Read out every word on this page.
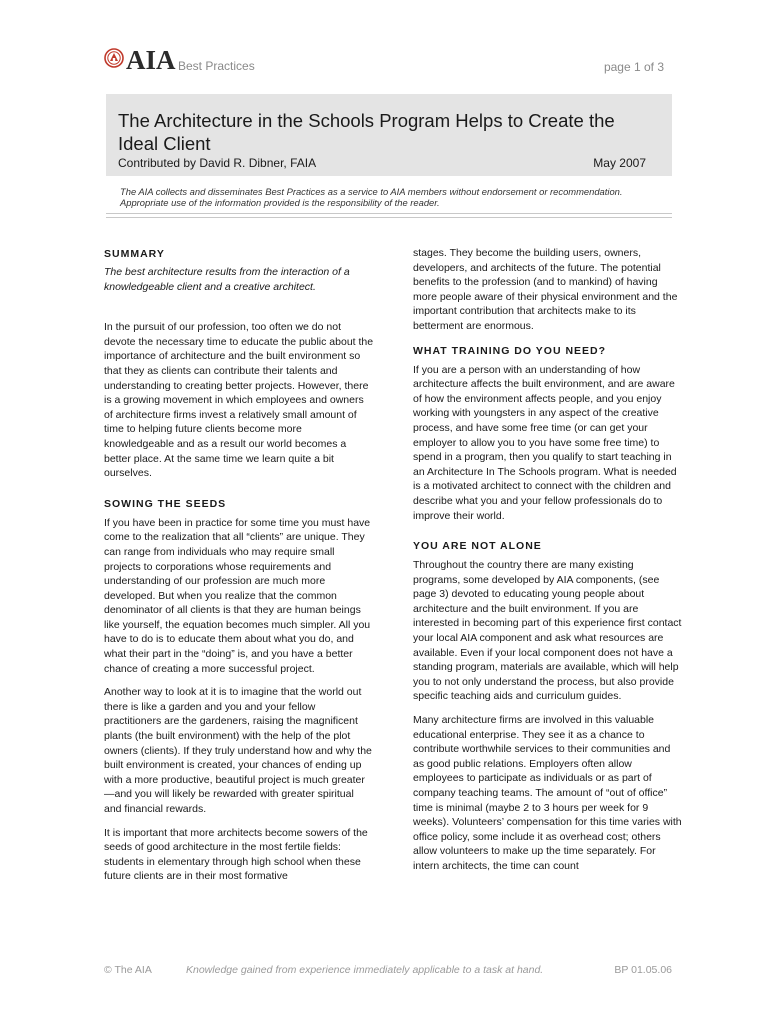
AIA Best Practices	page 1 of 3
The Architecture in the Schools Program Helps to Create the Ideal Client
Contributed by David R. Dibner, FAIA	May 2007
The AIA collects and disseminates Best Practices as a service to AIA members without endorsement or recommendation. Appropriate use of the information provided is the responsibility of the reader.
SUMMARY

The best architecture results from the interaction of a knowledgeable client and a creative architect.

In the pursuit of our profession, too often we do not devote the necessary time to educate the public about the importance of architecture and the built environment so that they as clients can contribute their talents and understanding to creating better projects. However, there is a growing movement in which employees and owners of architecture firms invest a relatively small amount of time to helping future clients become more knowledgeable and as a result our world becomes a better place. At the same time we learn quite a bit ourselves.

SOWING THE SEEDS

If you have been in practice for some time you must have come to the realization that all “clients” are unique. They can range from individuals who may require small projects to corporations whose requirements and understanding of our profession are much more developed. But when you realize that the common denominator of all clients is that they are human beings like yourself, the equation becomes much simpler. All you have to do is to educate them about what you do, and what their part in the “doing” is, and you have a better chance of creating a more successful project.

Another way to look at it is to imagine that the world out there is like a garden and you and your fellow practitioners are the gardeners, raising the magnificent plants (the built environment) with the help of the plot owners (clients). If they truly understand how and why the built environment is created, your chances of ending up with a more productive, beautiful project is much greater—and you will likely be rewarded with greater spiritual and financial rewards.

It is important that more architects become sowers of the seeds of good architecture in the most fertile fields: students in elementary through high school when these future clients are in their most formative

stages. They become the building users, owners, developers, and architects of the future. The potential benefits to the profession (and to mankind) of having more people aware of their physical environment and the important contribution that architects make to its betterment are enormous.

WHAT TRAINING DO YOU NEED?

If you are a person with an understanding of how architecture affects the built environment, and are aware of how the environment affects people, and you enjoy working with youngsters in any aspect of the creative process, and have some free time (or can get your employer to allow you to you have some free time) to spend in a program, then you qualify to start teaching in an Architecture In The Schools program. What is needed is a motivated architect to connect with the children and describe what you and your fellow professionals do to improve their world.

YOU ARE NOT ALONE

Throughout the country there are many existing programs, some developed by AIA components, (see page 3) devoted to educating young people about architecture and the built environment. If you are interested in becoming part of this experience first contact your local AIA component and ask what resources are available. Even if your local component does not have a standing program, materials are available, which will help you to not only understand the process, but also provide specific teaching aids and curriculum guides.

Many architecture firms are involved in this valuable educational enterprise. They see it as a chance to contribute worthwhile services to their communities and as good public relations. Employers often allow employees to participate as individuals or as part of company teaching teams. The amount of “out of office” time is minimal (maybe 2 to 3 hours per week for 9 weeks). Volunteers’ compensation for this time varies with office policy, some include it as overhead cost; others allow volunteers to make up the time separately. For intern architects, the time can count

© The AIA	Knowledge gained from experience immediately applicable to a task at hand.	BP 01.05.06
